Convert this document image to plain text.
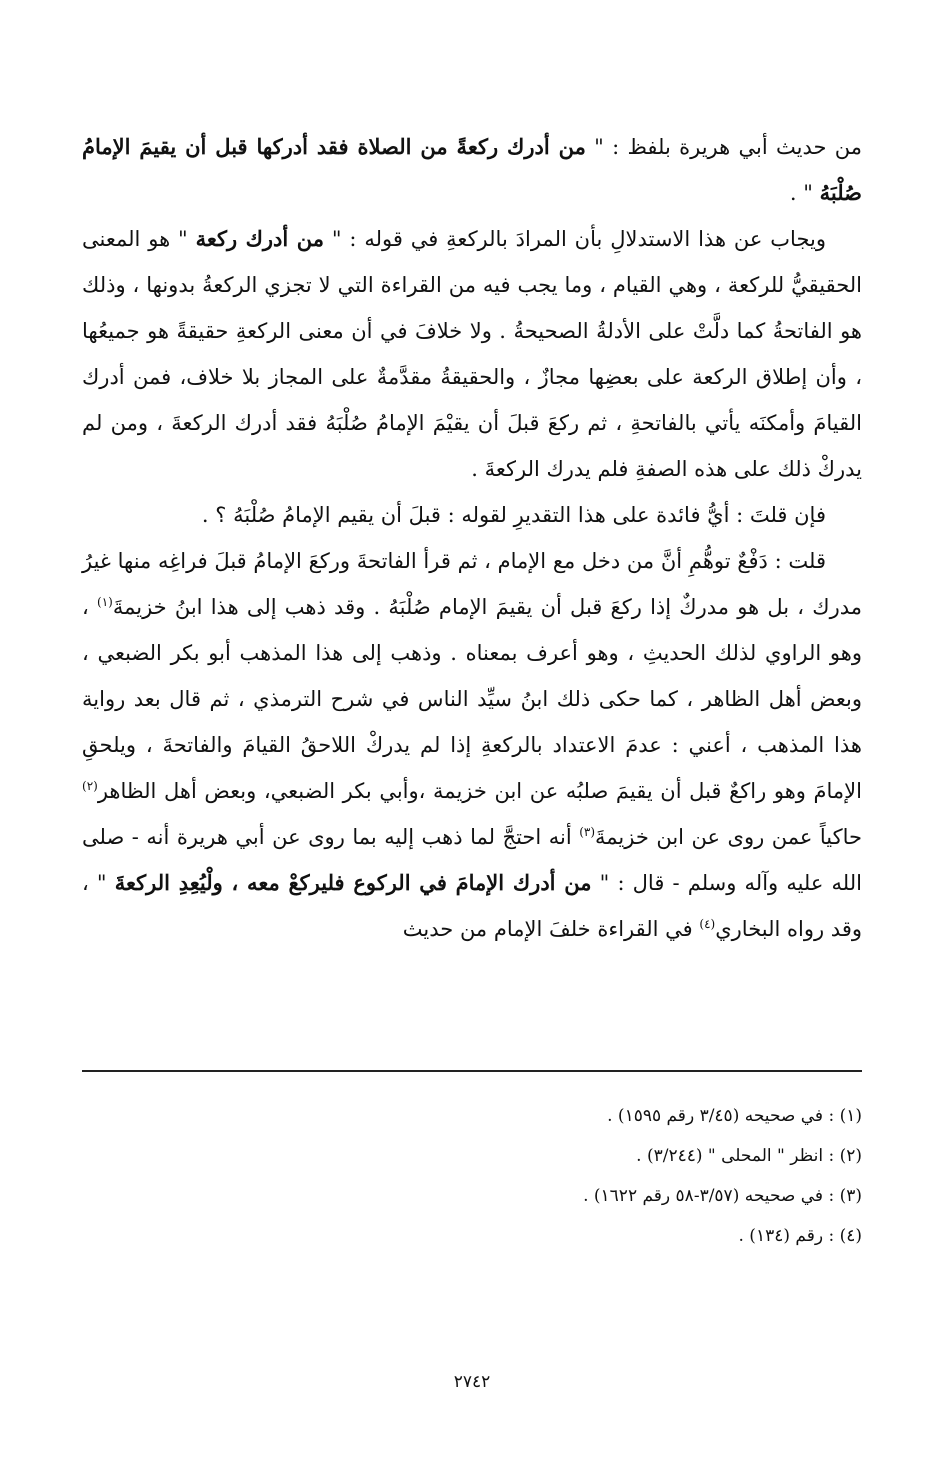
من حديث أبي هريرة بلفظ : " من أدرك ركعةً من الصلاة فقد أدركها قبل أن يقيمَ الإمامُ صُلْبَهُ " .

ويجاب عن هذا الاستدلالِ بأن المرادَ بالركعةِ في قوله : " من أدرك ركعة " هو المعنى الحقيقيُّ للركعة ، وهي القيام ، وما يجب فيه من القراءة التي لا تجزي الركعةُ بدونها ، وذلك هو الفاتحةُ كما دلَّتْ على الأدلةُ الصحيحةُ . ولا خلافَ في أن معنى الركعةِ حقيقةً هو جميعُها ، وأن إطلاق الركعة على بعضِها مجازٌ ، والحقيقةُ مقدَّمةٌ على المجاز بلا خلاف، فمن أدرك القيامَ وأمكنَه يأتي بالفاتحةِ ، ثم ركعَ قبلَ أن يقيْمَ الإمامُ صُلْبَهُ فقد أدرك الركعةَ ، ومن لم يدركْ ذلك على هذه الصفةِ فلم يدرك الركعةَ .

فإن قلتَ : أيُّ فائدة على هذا التقديرِ لقوله : قبلَ أن يقيم الإمامُ صُلْبَهُ ؟ .

قلت : دَفْعٌ توهُّمِ أنَّ من دخل مع الإمام ، ثم قرأ الفاتحةَ وركعَ الإمامُ قبلَ فراغِه منها غيرُ مدرك ، بل هو مدركٌ إذا ركعَ قبل أن يقيمَ الإمام صُلْبَهُ . وقد ذهب إلى هذا ابنُ خزيمةَ$^{(١)}$ ، وهو الراوي لذلك الحديثِ ، وهو أعرف بمعناه . وذهب إلى هذا المذهب أبو بكر الضبعي ، وبعض أهل الظاهر ، كما حكى ذلك ابنُ سيِّد الناس في شرح الترمذي ، ثم قال بعد رواية هذا المذهب ، أعني : عدمَ الاعتداد بالركعةِ إذا لم يدركْ اللاحقُ القيامَ والفاتحةَ ، ويلحقِ الإمامَ وهو راكعٌ قبل أن يقيمَ صلبُه عن ابن خزيمة ،وأبي بكر الضبعي، وبعض أهل الظاهر$^{(٢)}$ حاكياً عمن روى عن ابن خزيمةَ$^{(٣)}$ أنه احتجَّ لما ذهب إليه بما روى عن أبي هريرة أنه - صلى الله عليه وآله وسلم - قال : " من أدرك الإمامَ في الركوع فليركعْ معه ، ولْيُعِدِ الركعةَ " ، وقد رواه البخاري$^{(٤)}$ في القراءة خلفَ الإمام من حديث

(١) : في صحيحه (٣/٤٥ رقم ١٥٩٥) .
(٢) : انظر " المحلى " (٣/٢٤٤) .
(٣) : في صحيحه (٣/٥٧-٥٨ رقم ١٦٢٢) .
(٤) : رقم (١٣٤) .
٢٧٤٢
